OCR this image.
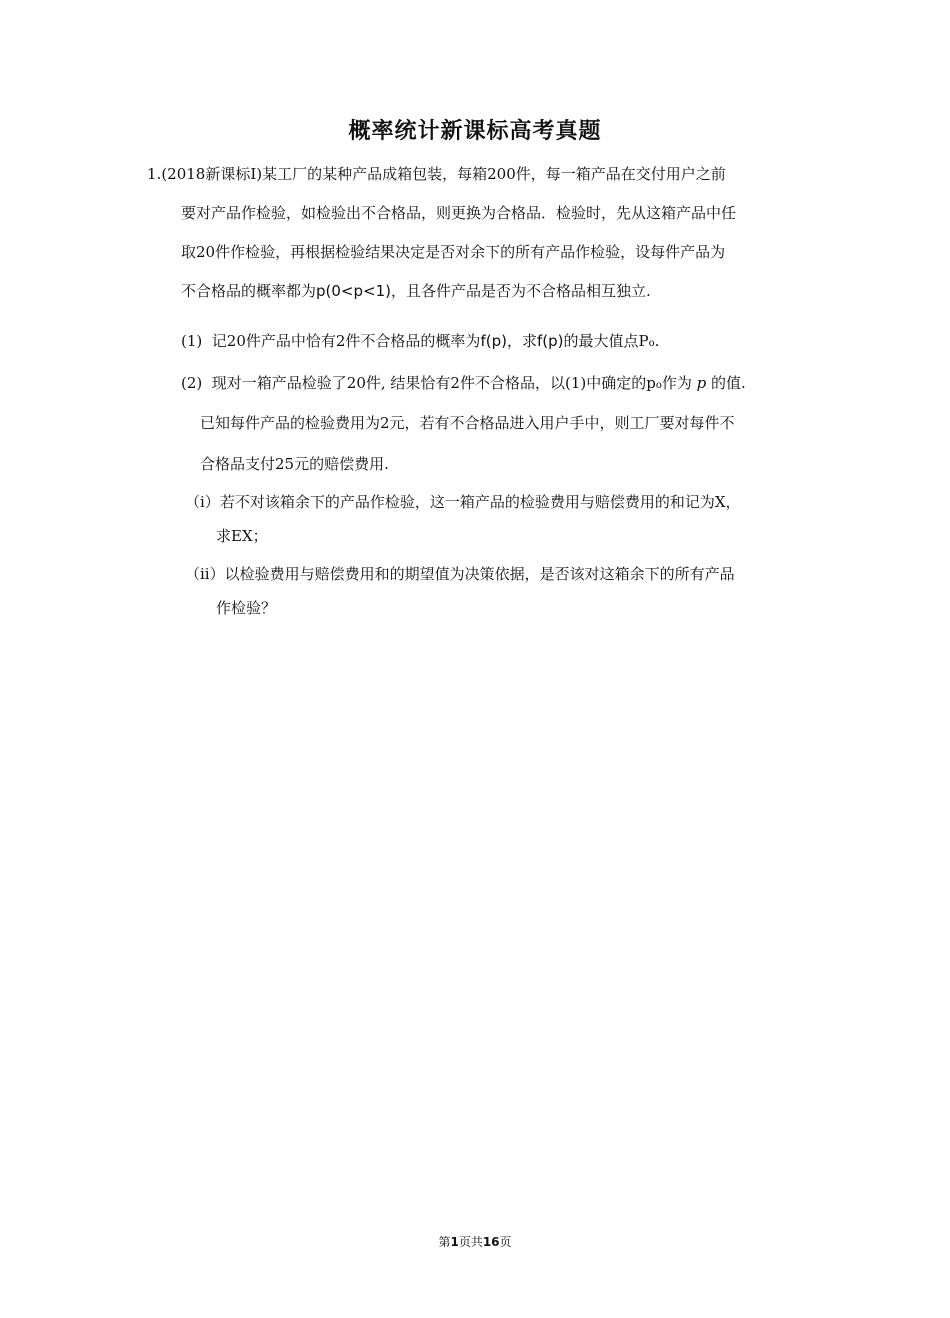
概率统计新课标高考真题
1.(2018新课标Ⅰ)某工厂的某种产品成箱包装，每箱200件，每一箱产品在交付用户之前
要对产品作检验，如检验出不合格品，则更换为合格品．检验时，先从这箱产品中任
取20件作检验，再根据检验结果决定是否对余下的所有产品作检验，设每件产品为
不合格品的概率都为p(0<p<1)，且各件产品是否为不合格品相互独立.
(1) 记20件产品中恰有2件不合格品的概率为f(p)，求f(p)的最大值点Po.
(2) 现对一箱产品检验了20件, 结果恰有2件不合格品，以(1)中确定的po作为 p 的值.
已知每件产品的检验费用为2元，若有不合格品进入用户手中，则工厂要对每件不
合格品支付25元的赔偿费用.
（i）若不对该箱余下的产品作检验，这一箱产品的检验费用与赔偿费用的和记为X，
求EX；
（ii）以检验费用与赔偿费用和的期望值为决策依据，是否该对这箱余下的所有产品
作检验？
第1页共16页
